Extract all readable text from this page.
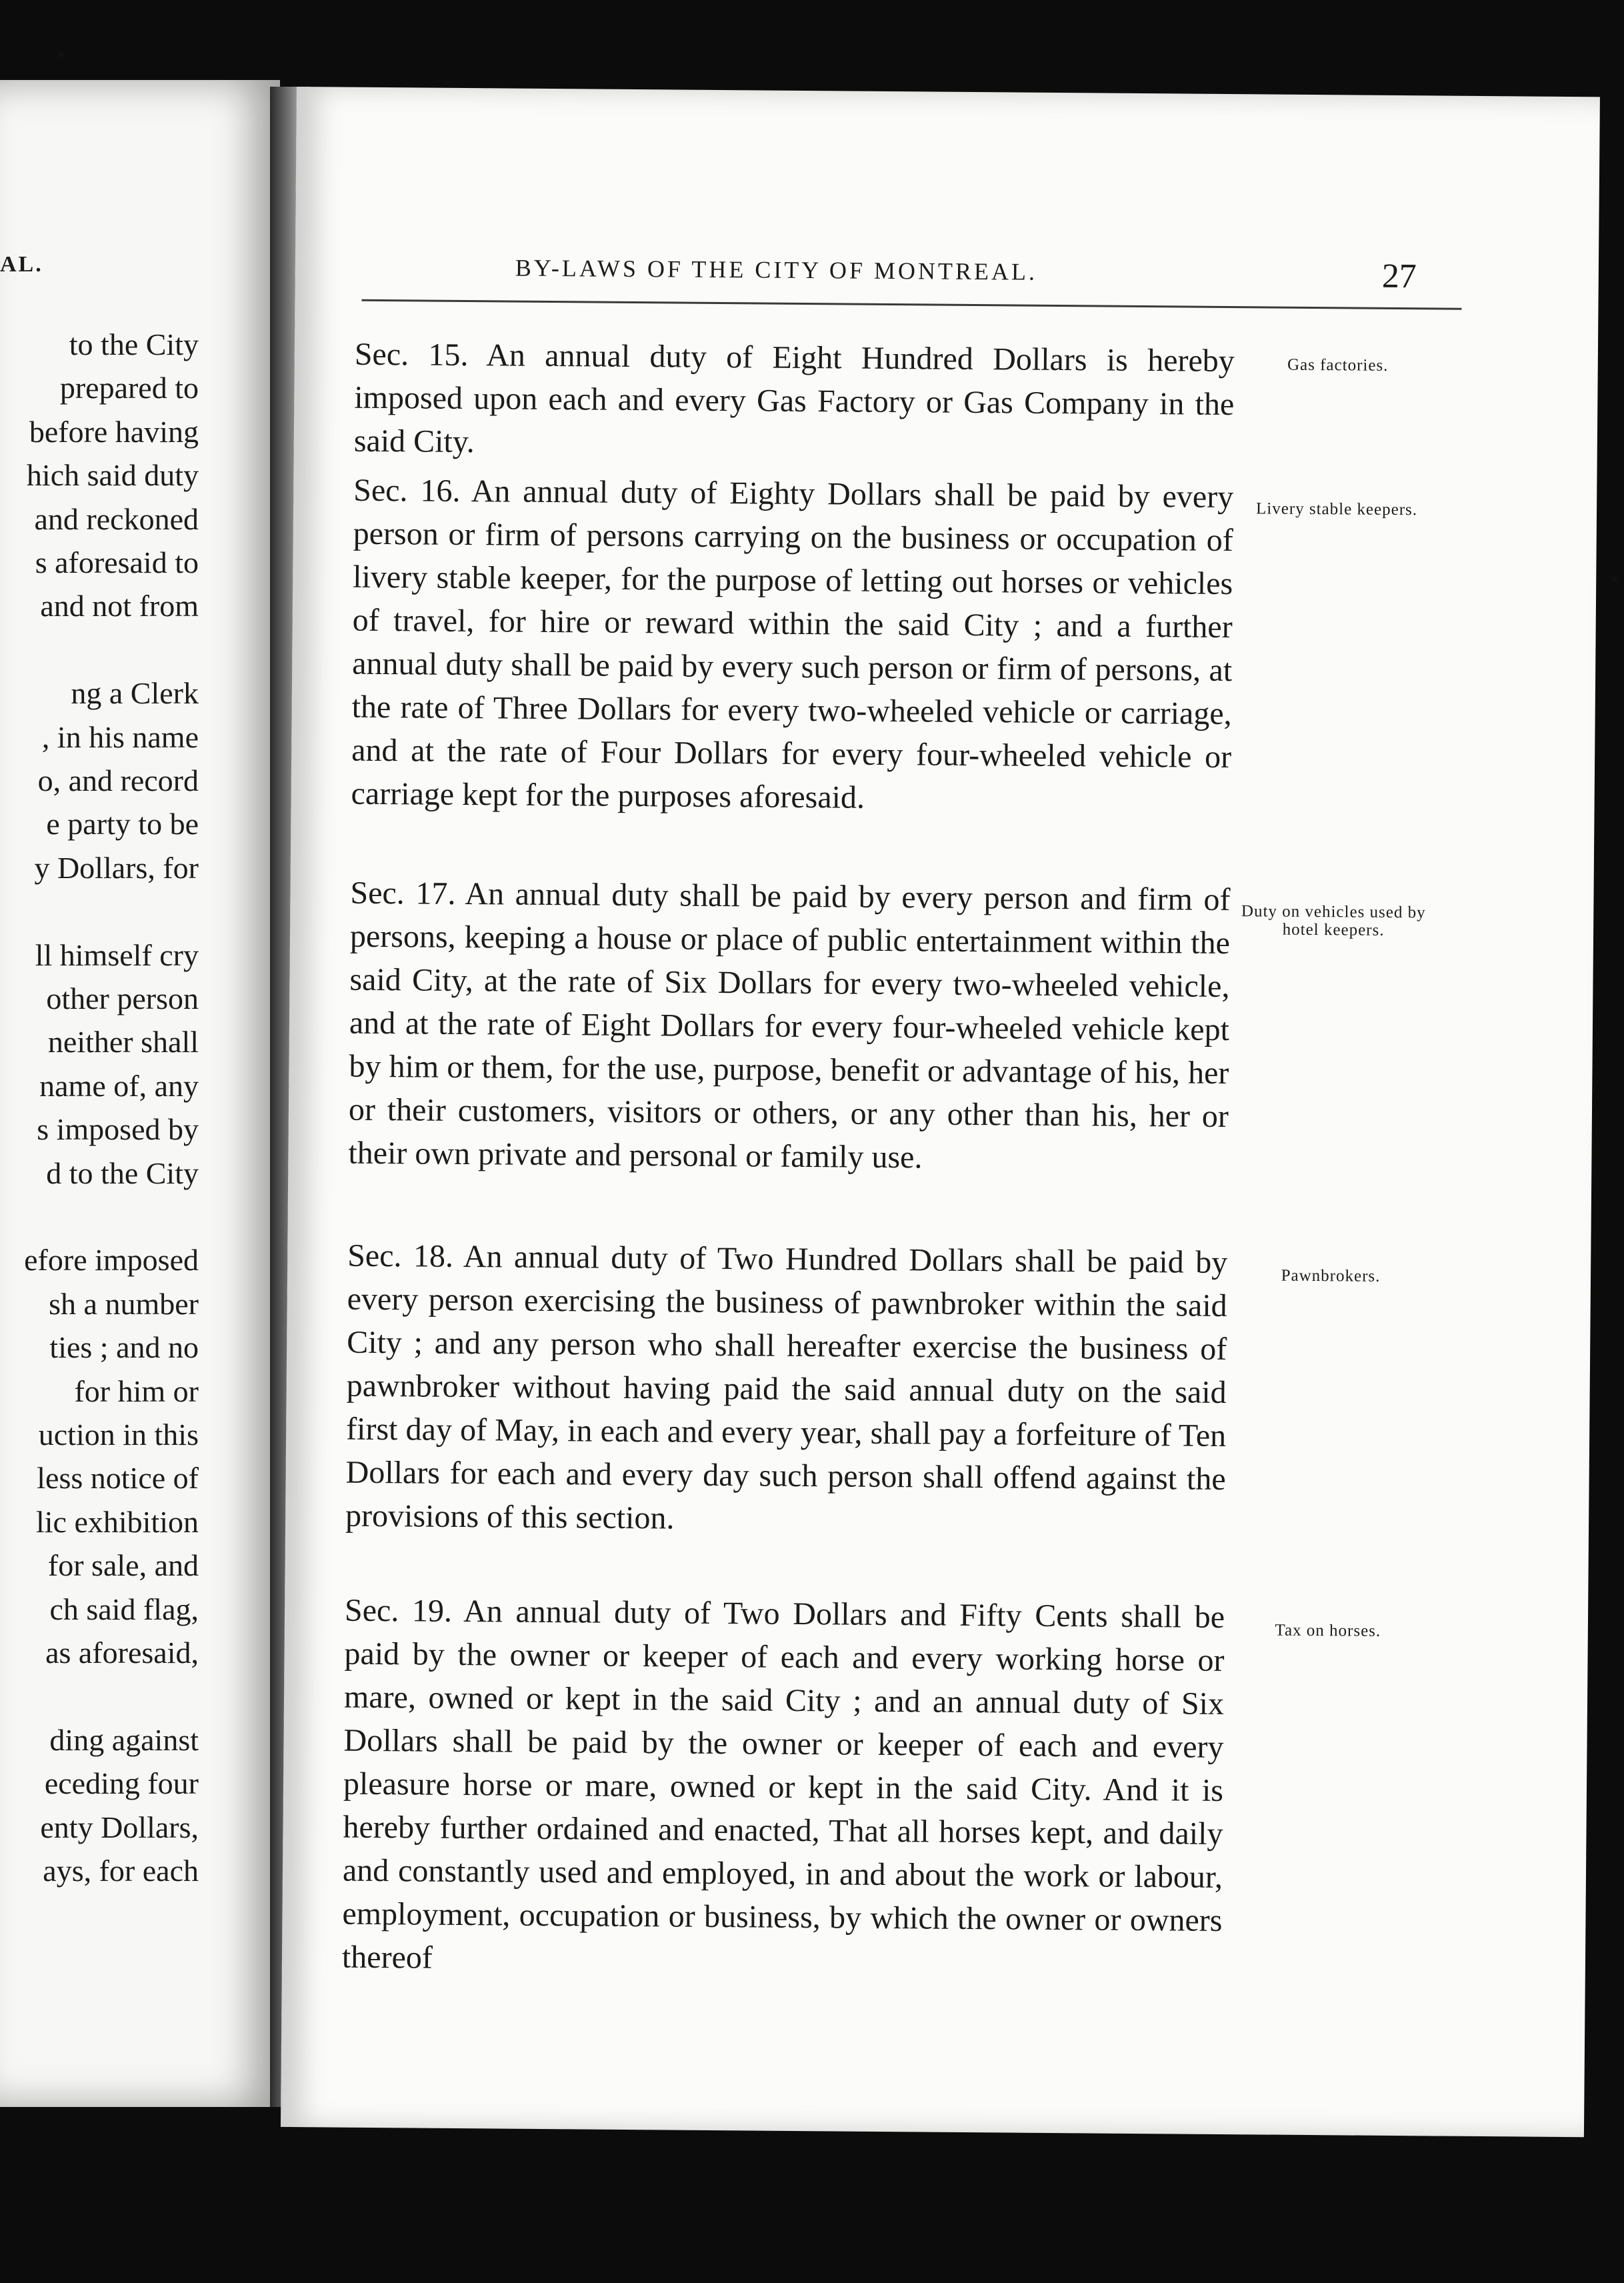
AL.
to the City
prepared to
before having
hich said duty
and reckoned
s aforesaid to
and not from
ng a Clerk
, in his name
o, and record
e party to be
y Dollars, for
ll himself cry
other person
neither shall
name of, any
s imposed by
d to the City
efore imposed
sh a number
ties ; and no
for him or
uction in this
less notice of
lic exhibition
for sale, and
ch said flag,
as aforesaid,
ding against
eceding four
enty Dollars,
ays, for each
BY-LAWS OF THE CITY OF MONTREAL.	27
Sec. 15. An annual duty of Eight Hundred Dollars is hereby imposed upon each and every Gas Factory or Gas Company in the said City.
Gas factories.
Sec. 16. An annual duty of Eighty Dollars shall be paid by every person or firm of persons carrying on the business or occupation of livery stable keeper, for the purpose of letting out horses or vehicles of travel, for hire or reward within the said City ; and a further annual duty shall be paid by every such person or firm of persons, at the rate of Three Dollars for every two-wheeled vehicle or carriage, and at the rate of Four Dollars for every four-wheeled vehicle or carriage kept for the purposes aforesaid.
Livery stable keepers.
Sec. 17. An annual duty shall be paid by every person and firm of persons, keeping a house or place of public entertainment within the said City, at the rate of Six Dollars for every two-wheeled vehicle, and at the rate of Eight Dollars for every four-wheeled vehicle kept by him or them, for the use, purpose, benefit or advantage of his, her or their customers, visitors or others, or any other than his, her or their own private and personal or family use.
Duty on vehicles used by hotel keepers.
Sec. 18. An annual duty of Two Hundred Dollars shall be paid by every person exercising the business of pawnbroker within the said City ; and any person who shall hereafter exercise the business of pawnbroker without having paid the said annual duty on the said first day of May, in each and every year, shall pay a forfeiture of Ten Dollars for each and every day such person shall offend against the provisions of this section.
Pawnbrokers.
Sec. 19. An annual duty of Two Dollars and Fifty Cents shall be paid by the owner or keeper of each and every working horse or mare, owned or kept in the said City ; and an annual duty of Six Dollars shall be paid by the owner or keeper of each and every pleasure horse or mare, owned or kept in the said City. And it is hereby further ordained and enacted, That all horses kept, and daily and constantly used and employed, in and about the work or labour, employment, occupation or business, by which the owner or owners thereof
Tax on horses.
